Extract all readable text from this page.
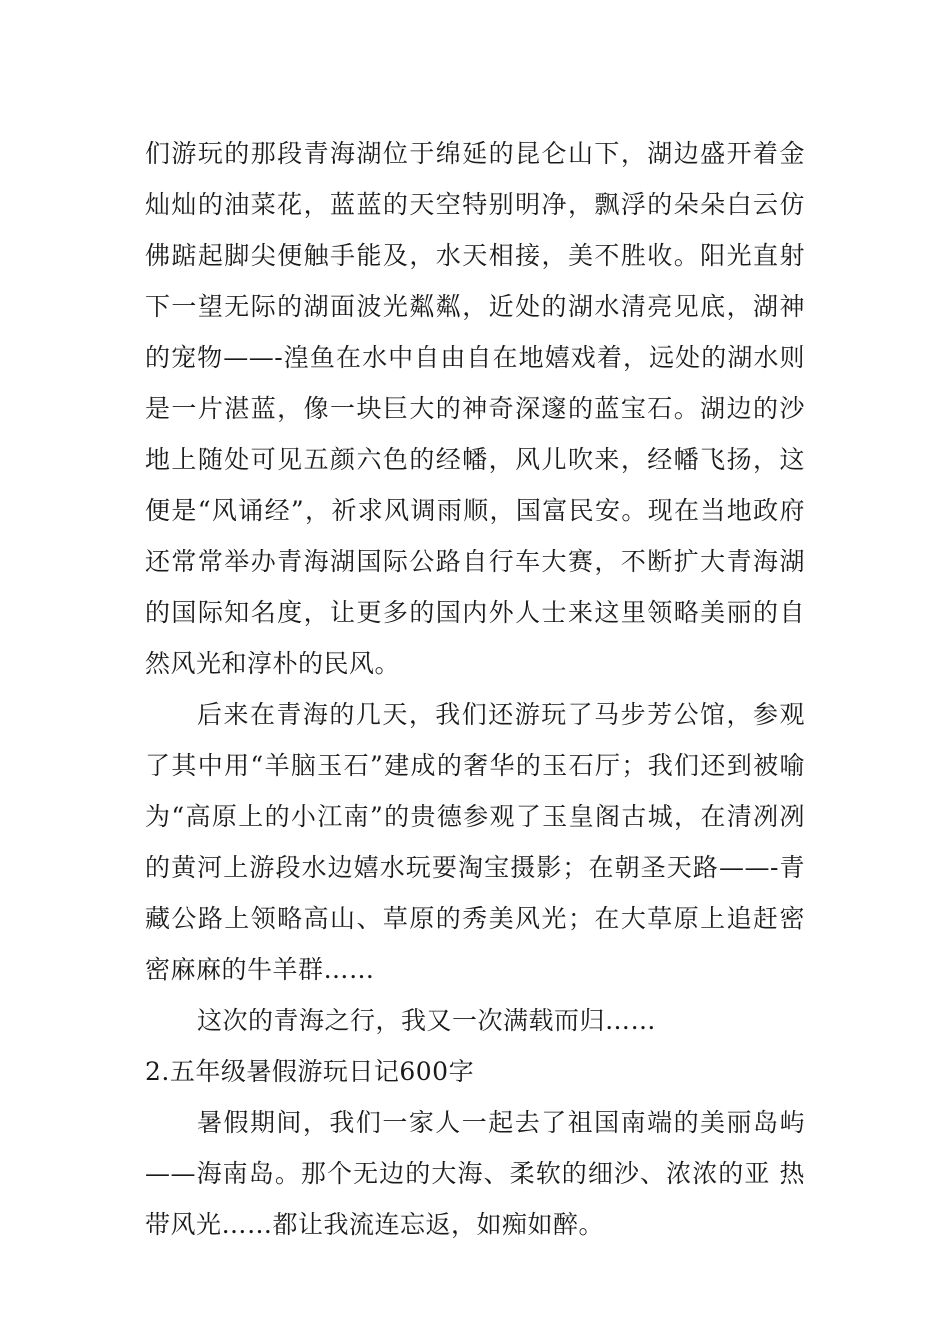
们游玩的那段青海湖位于绵延的昆仑山下，湖边盛开着金灿灿的油菜花，蓝蓝的天空特别明净，飘浮的朵朵白云仿佛踮起脚尖便触手能及，水天相接，美不胜收。阳光直射下一望无际的湖面波光粼粼，近处的湖水清亮见底，湖神的宠物——-湟鱼在水中自由自在地嬉戏着，远处的湖水则是一片湛蓝，像一块巨大的神奇深邃的蓝宝石。湖边的沙地上随处可见五颜六色的经幡，风儿吹来，经幡飞扬，这便是“风诵经”，祈求风调雨顺，国富民安。现在当地政府还常常举办青海湖国际公路自行车大赛，不断扩大青海湖的国际知名度，让更多的国内外人士来这里领略美丽的自然风光和淳朴的民风。

后来在青海的几天，我们还游玩了马步芳公馆，参观了其中用“羊脑玉石”建成的奢华的玉石厅；我们还到被喻为“高原上的小江南”的贵德参观了玉皇阁古城，在清冽冽的黄河上游段水边嬉水玩要淘宝摄影；在朝圣天路——-青藏公路上领略高山、草原的秀美风光；在大草原上追赶密密麻麻的牛羊群……

这次的青海之行，我又一次满载而归……

2.五年级暑假游玩日记600字

暑假期间，我们一家人一起去了祖国南端的美丽岛屿——海南岛。那个无边的大海、柔软的细沙、浓浓的亚 热带风光……都让我流连忘返，如痴如醉。
